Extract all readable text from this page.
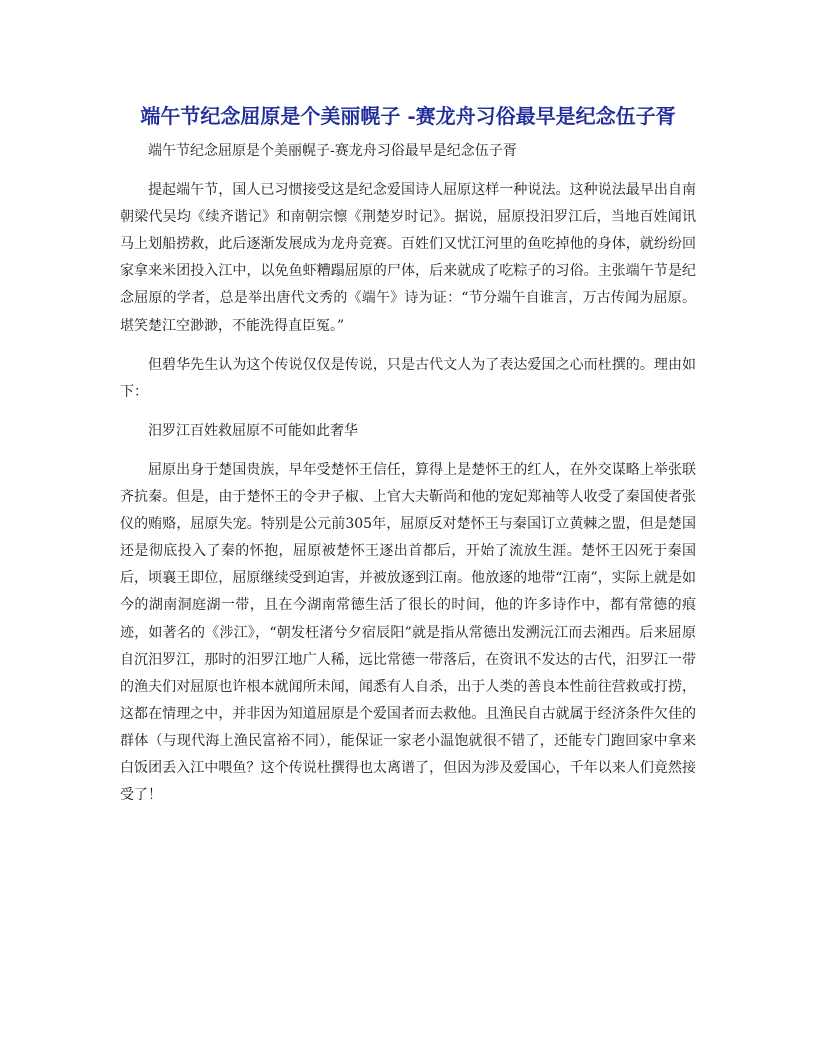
端午节纪念屈原是个美丽幌子 -赛龙舟习俗最早是纪念伍子胥

端午节纪念屈原是个美丽幌子-赛龙舟习俗最早是纪念伍子胥

提起端午节，国人已习惯接受这是纪念爱国诗人屈原这样一种说法。这种说法最早出自南朝梁代吴均《续齐谐记》和南朝宗懔《荆楚岁时记》。据说，屈原投汨罗江后，当地百姓闻讯马上划船捞救，此后逐渐发展成为龙舟竞赛。百姓们又忧江河里的鱼吃掉他的身体，就纷纷回家拿来米团投入江中，以免鱼虾糟蹋屈原的尸体，后来就成了吃粽子的习俗。主张端午节是纪念屈原的学者，总是举出唐代文秀的《端午》诗为证：“节分端午自谁言，万古传闻为屈原。堪笑楚江空渺渺，不能洗得直臣冤。”

但碧华先生认为这个传说仅仅是传说，只是古代文人为了表达爱国之心而杜撰的。理由如下：

汨罗江百姓救屈原不可能如此奢华

屈原出身于楚国贵族，早年受楚怀王信任，算得上是楚怀王的红人，在外交谋略上举张联齐抗秦。但是，由于楚怀王的令尹子椒、上官大夫靳尚和他的宠妃郑袖等人收受了秦国使者张仪的贿赂，屈原失宠。特别是公元前305年，屈原反对楚怀王与秦国订立黄棘之盟，但是楚国还是彻底投入了秦的怀抱，屈原被楚怀王逐出首都后，开始了流放生涯。楚怀王囚死于秦国后，顷襄王即位，屈原继续受到迫害，并被放逐到江南。他放逐的地带“江南”，实际上就是如今的湖南洞庭湖一带，且在今湖南常德生活了很长的时间，他的许多诗作中，都有常德的痕迹，如著名的《涉江》，“朝发枉渚兮夕宿辰阳”就是指从常德出发溯沅江而去湘西。后来屈原自沉汨罗江，那时的汨罗江地广人稀，远比常德一带落后，在资讯不发达的古代，汨罗江一带的渔夫们对屈原也许根本就闻所未闻，闻悉有人自杀，出于人类的善良本性前往营救或打捞，这都在情理之中，并非因为知道屈原是个爱国者而去救他。且渔民自古就属于经济条件欠佳的群体（与现代海上渔民富裕不同），能保证一家老小温饱就很不错了，还能专门跑回家中拿来白饭团丢入江中喂鱼？这个传说杜撰得也太离谱了，但因为涉及爱国心，千年以来人们竟然接受了！
